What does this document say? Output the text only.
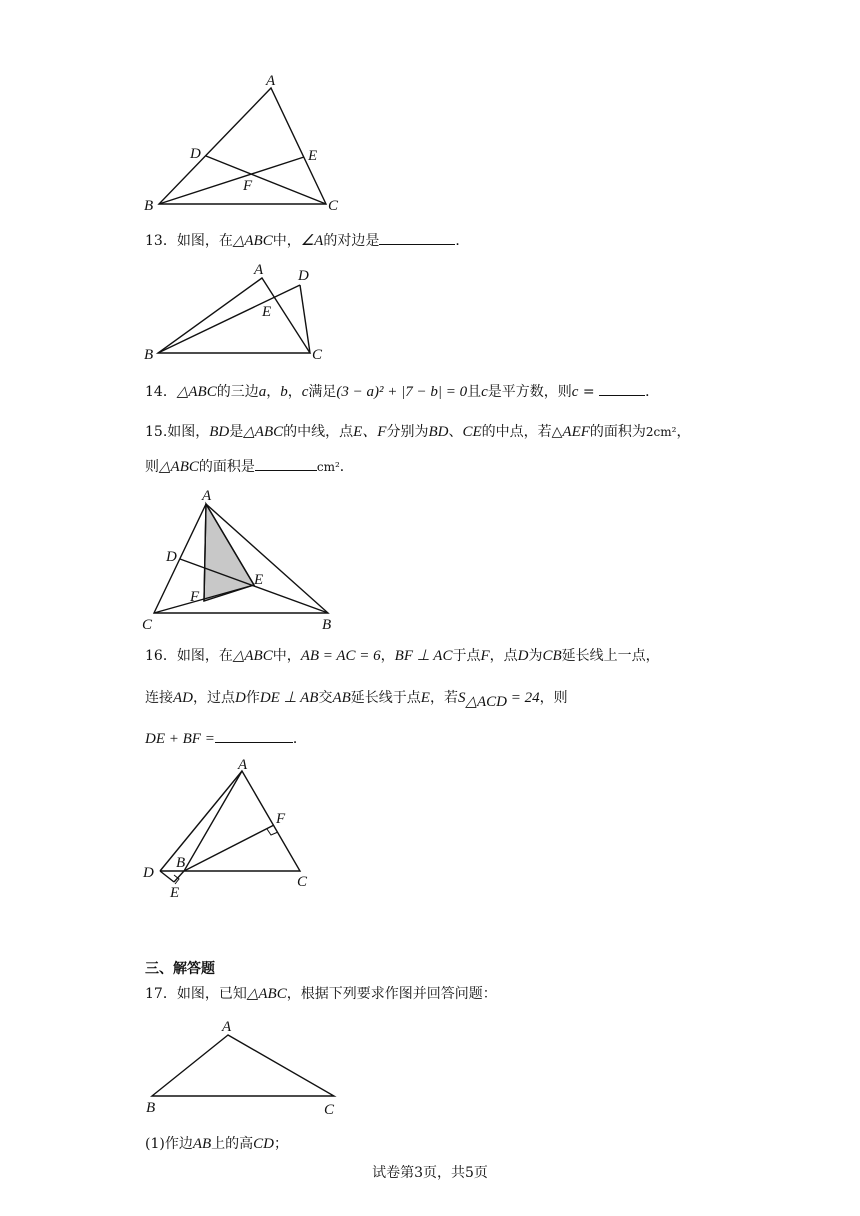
A
B	C
D	E
F
13．如图，在△ABC中，∠A的对边是	．
A
B	C
D
E
14．△ABC的三边a，b，c满足(3 − a)² + |7 − b| = 0且c是平方数，则c =	．
15.如图，BD是△ABC的中线，点E、F分别为BD、CE的中点，若△AEF的面积为2cm²，
则△ABC的面积是	cm²．
A
C	B
D
E
F
16．如图，在△ABC中，AB = AC = 6，BF ⊥ AC于点F，点D为CB延长线上一点，
连接AD，过点D作DE ⊥ AB交AB延长线于点E，若$S_{\triangle ACD} = 24$，则
DE + BF =	．
A
B
C
D
E
F
三、解答题
17．如图，已知△ABC，根据下列要求作图并回答问题：
A
B	C
(1)作边AB上的高CD；
试卷第3页，共5页
